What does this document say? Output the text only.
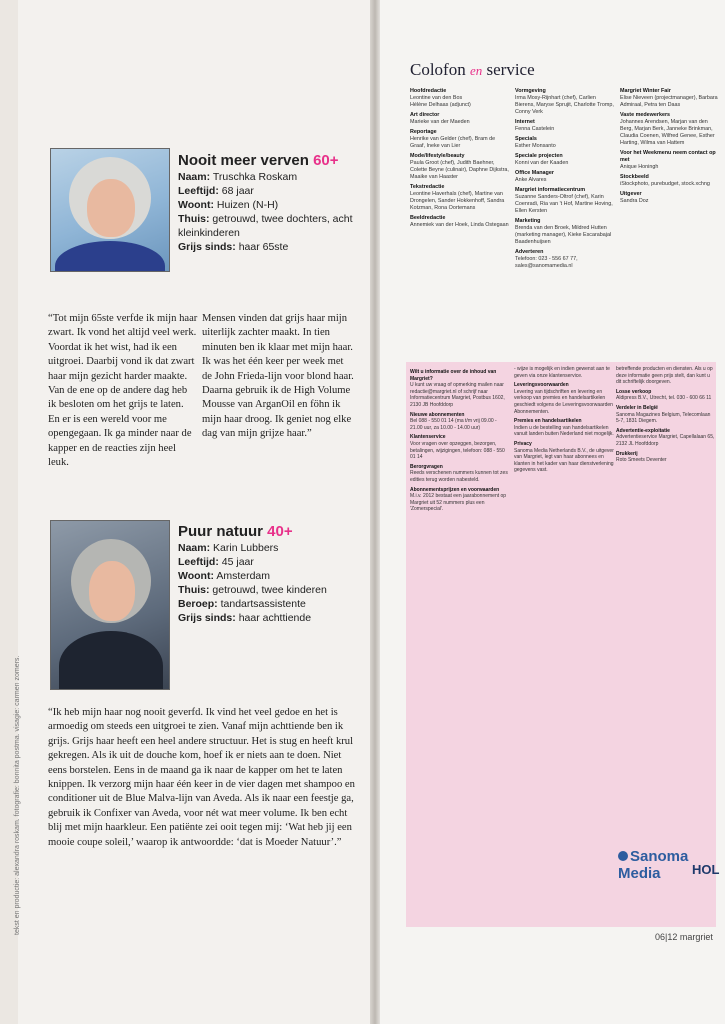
Nooit meer verven 60+
Naam: Truschka Roskam
Leeftijd: 68 jaar
Woont: Huizen (N-H)
Thuis: getrouwd, twee dochters, acht kleinkinderen
Grijs sinds: haar 65ste
“Tot mijn 65ste verfde ik mijn haar zwart. Ik vond het altijd veel werk. Voordat ik het wist, had ik een uitgroei. Daarbij vond ik dat zwart haar mijn gezicht harder maakte. Van de ene op de andere dag heb ik besloten om het grijs te laten. En er is een wereld voor me opengegaan. Ik ga minder naar de kapper en de reacties zijn heel leuk.
Mensen vinden dat grijs haar mijn uiterlijk zachter maakt. In tien minuten ben ik klaar met mijn haar. Ik was het één keer per week met de John Frieda-lijn voor blond haar. Daarna gebruik ik de High Volume Mousse van ArganOil en föhn ik mijn haar droog. Ik geniet nog elke dag van mijn grijze haar.”
Puur natuur 40+
Naam: Karin Lubbers
Leeftijd: 45 jaar
Woont: Amsterdam
Thuis: getrouwd, twee kinderen
Beroep: tandartsassistente
Grijs sinds: haar achttiende
“Ik heb mijn haar nog nooit geverfd. Ik vind het veel gedoe en het is armoedig om steeds een uitgroei te zien. Vanaf mijn achttiende ben ik grijs. Grijs haar heeft een heel andere structuur. Het is stug en heeft krul gekregen. Als ik uit de douche kom, hoef ik er niets aan te doen. Niet eens borstelen. Eens in de maand ga ik naar de kapper om het te laten knippen. Ik verzorg mijn haar één keer in de vier dagen met shampoo en conditioner uit de Blue Malva-lijn van Aveda. Als ik naar een feestje ga, gebruik ik Confixer van Aveda, voor nét wat meer volume. Ik ben echt blij met mijn haarkleur. Een patiënte zei ooit tegen mij: ‘Wat heb jij een mooie coupe soleil,’ waarop ik antwoordde: ‘dat is Moeder Natuur’.”
tekst en productie: alexandra roskam. fotografie: bonnita postma. visagie: carmen zomers.
Colofon en service
Hoofdredactie
Leontine van den Bos
Hélène Delhaas (adjunct)
Art director
Marieke van der Maeden
Reportage
Henrike van Gelder (chef), Bram de Graaf, Ineke van Lier
Mode/lifestyle/beauty
Paula Groot (chef), Judith Baehner, Colette Beyne (culinair), Daphne Dijkstra, Maaike van Haaster
Tekstredactie
Leontine Haverhals (chef), Martine van Drongelen, Sander Hokkenhoff, Sandra Kotzman, Rona Oortemans
Beeldredactie
Annemiek van der Hoek, Linda Ostegaan
Vormgeving
Irma Mosy-Rijnhart (chef), Carlien Bierens, Maryse Sprujit, Charlotte Tromp, Conny Verk
Internet
Fenna Castelein
Specials
Esther Monsanto
Speciale projecten
Konni van der Kaaden
Office Manager
Anke Alvares
Margriet informatiecentrum
Suzanne Sanders-Oltrof (chef), Karin Coenradi, Ria van 't Hof, Martine Hoving, Ellen Kersten
Marketing
Brenda van den Broek, Mildred Hutten (marketing manager), Kieke Escarabajal Baadenhuijsen
Adverteren
Telefoon: 023 - 556 67 77, sales@sanomamedia.nl
Margriet Winter Fair
Elise Nieveen (projectmanager), Barbara Admiraal, Petra ten Daas
Vaste medewerkers
Johannes Arendsen, Marjan van den Berg, Marjan Berk, Janneke Brinkman, Claudia Coenen, Wilfred Genee, Esther Harting, Wilma van Hattem
Voor het Weekmenu neem contact op met
Anique Honingh
Stockbeeld
iStockphoto, purebudget, stock.xchng
Uitgever
Sandra Doz
Wilt u informatie over de inhoud van Margriet?
U kunt uw vraag of opmerking mailen naar redactie@margriet.nl of schrijf naar Informatiecentrum Margriet, Postbus 1602, 2130 JB Hoofddorp
Nieuwe abonnementen
Bel 088 - 550 01 14 (ma t/m vrij 09.00 - 21.00 uur, za 10.00 - 14.00 uur)
Klantenservice
Voor vragen over opzeggen, bezorgen, betalingen, wijzigingen, telefoon: 088 - 550 01 14
Berorgvragen
Reeds verschenen nummers kunnen tot zes edities terug worden nabesteld.
Abonnementsprijzen en voorwaarden
M.i.v. 2012 bestaat een jaarabonnement op Margriet uit 52 nummers plus een 'Zomerspecial'.
- wijze is mogelijk en indien gewenst aan te geven via onze klantenservice.
Leveringsvoorwaarden
Levering van tijdschriften en levering en verkoop van premies en handelsartikelen geschiedt volgens de Leveringsvoorwaarden Abonnementen.
Premies en handelsartikelen
Indien u de bestelling van handelsartikelen vanuit landen buiten Nederland niet mogelijk.
Privacy
Sanoma Media Netherlands B.V., de uitgever van Margriet, legt van haar abonnees en klanten in het kader van haar dienstverlening gegevens vast.
betreffende producten en diensten. Als u op deze informatie geen prijs stelt, dan kunt u dit schriftelijk doorgeven.
Losse verkoop
Aldipress B.V., Utrecht, tel. 030 - 600 66 11
Verdeler in België
Sanoma Magazines Belgium, Telecomlaan 5-7, 1831 Diegem.
Advertentie-exploitatie
Advertentieservice Margriet, Capellalaan 65, 2132 JL Hoofddorp
Drukkerij
Roto Smeets Deventer
Sanoma Media	HOL
06|12 margriet
